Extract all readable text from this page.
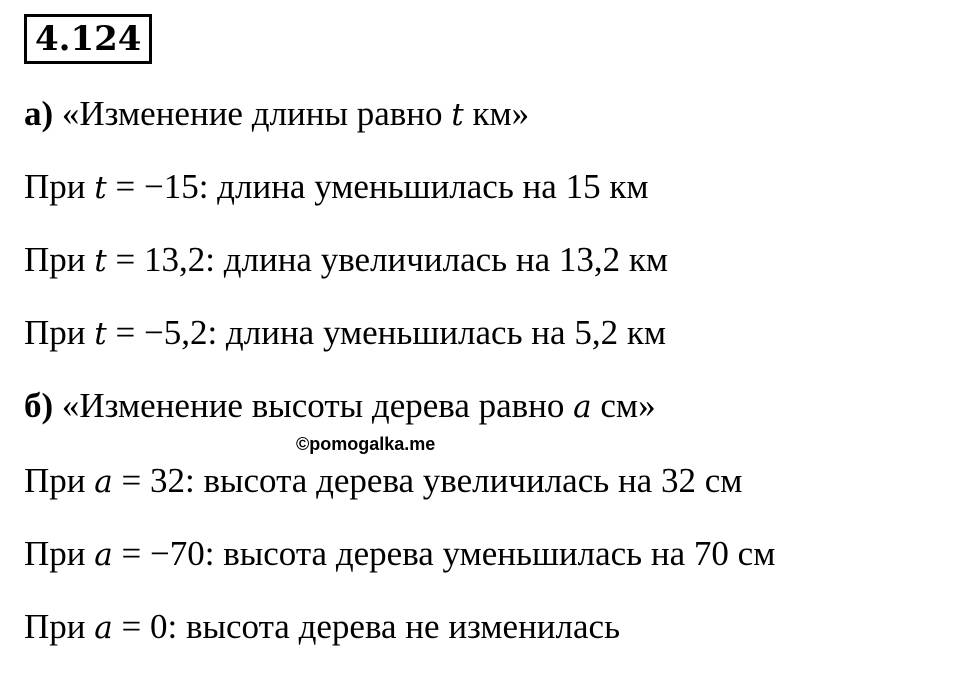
4.124
а) «Изменение длины равно t км»
При t = −15: длина уменьшилась на 15 км
При t = 13,2: длина увеличилась на 13,2 км
При t = −5,2: длина уменьшилась на 5,2 км
б) «Изменение высоты дерева равно a см»
©pomogalka.me
При a = 32: высота дерева увеличилась на 32 см
При a = −70: высота дерева уменьшилась на 70 см
При a = 0: высота дерева не изменилась
